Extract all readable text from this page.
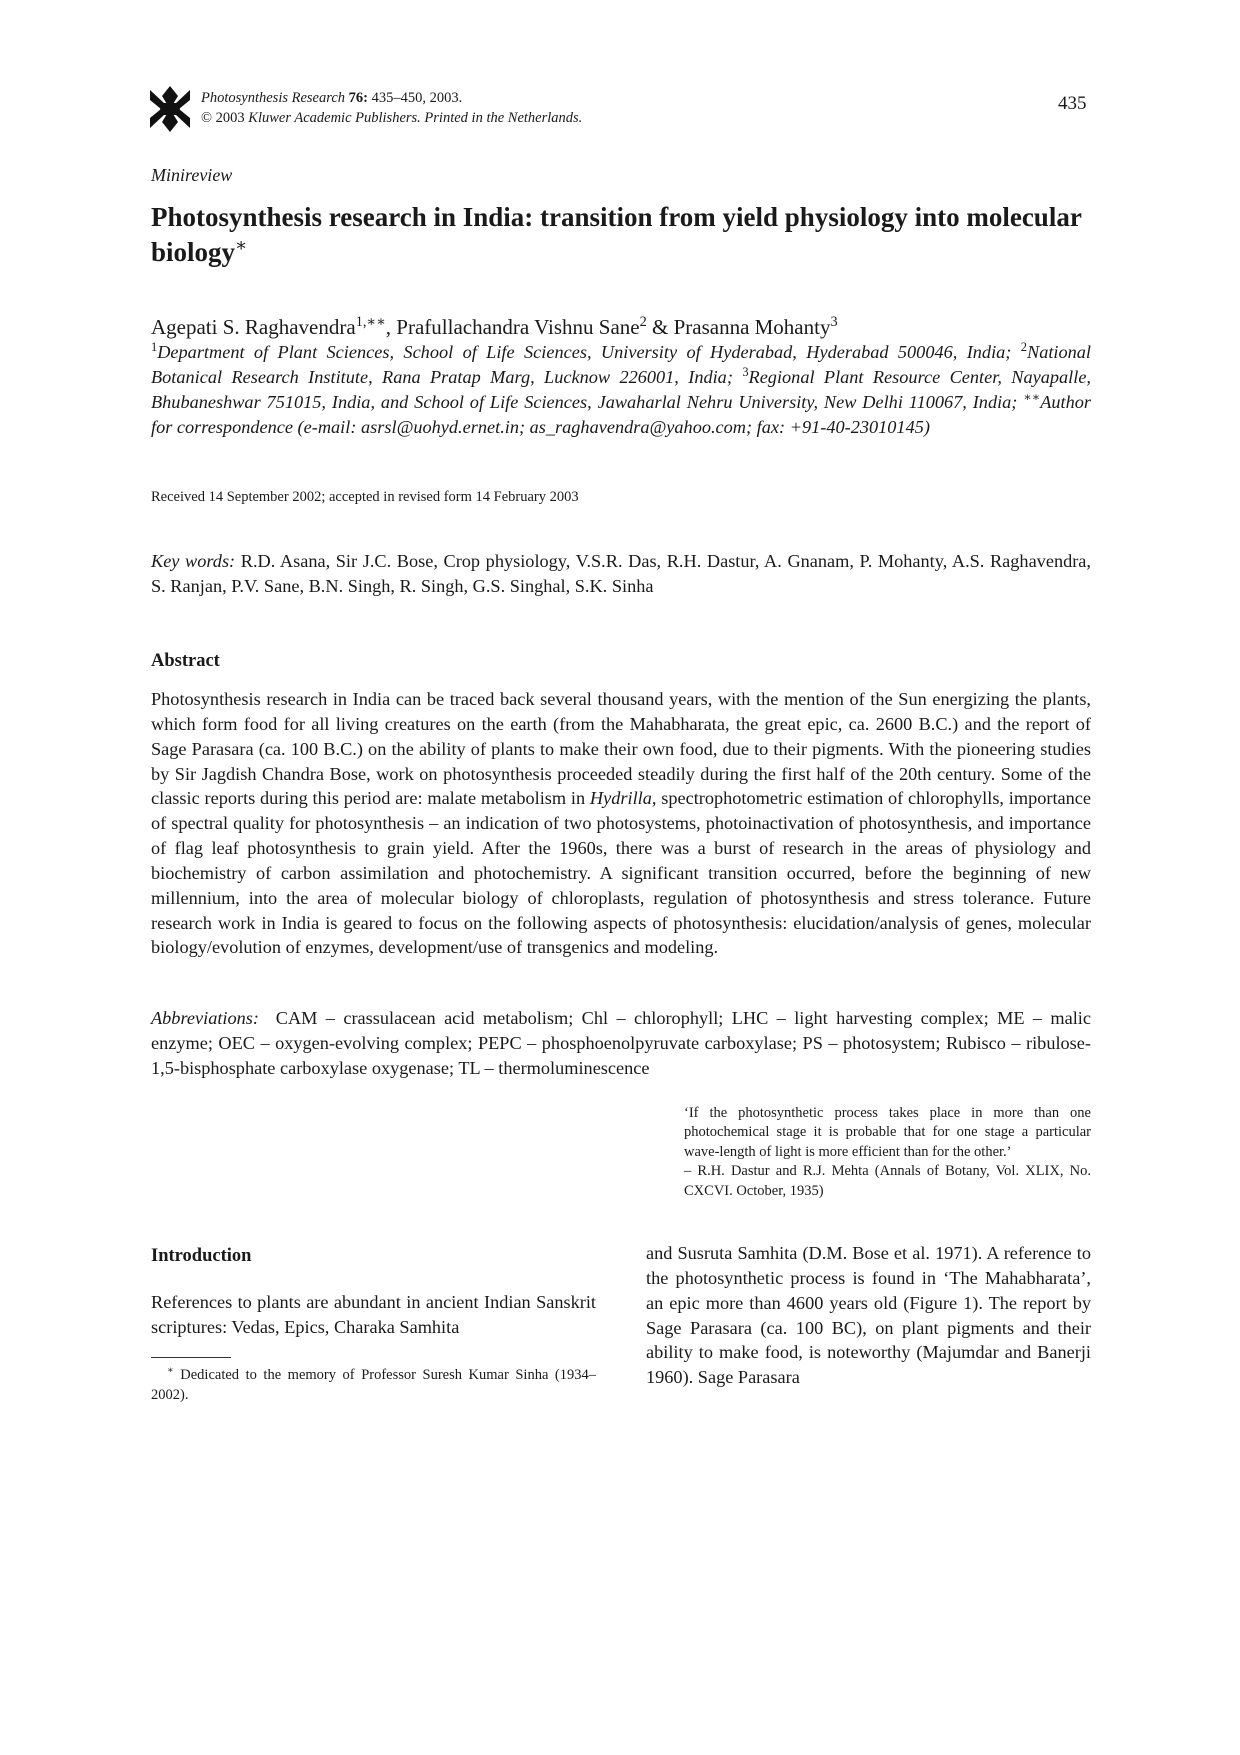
Photosynthesis Research 76: 435–450, 2003.
© 2003 Kluwer Academic Publishers. Printed in the Netherlands.
435
Minireview
Photosynthesis research in India: transition from yield physiology into molecular biology∗
Agepati S. Raghavendra$^{1,∗∗}$, Prafullachandra Vishnu Sane$^2$ & Prasanna Mohanty$^3$
$^1$Department of Plant Sciences, School of Life Sciences, University of Hyderabad, Hyderabad 500046, India; $^2$National Botanical Research Institute, Rana Pratap Marg, Lucknow 226001, India; $^3$Regional Plant Resource Center, Nayapalle, Bhubaneshwar 751015, India, and School of Life Sciences, Jawaharlal Nehru University, New Delhi 110067, India; ∗∗Author for correspondence (e-mail: asrsl@uohyd.ernet.in; as_raghavendra@yahoo.com; fax: +91-40-23010145)
Received 14 September 2002; accepted in revised form 14 February 2003
Key words: R.D. Asana, Sir J.C. Bose, Crop physiology, V.S.R. Das, R.H. Dastur, A. Gnanam, P. Mohanty, A.S. Raghavendra, S. Ranjan, P.V. Sane, B.N. Singh, R. Singh, G.S. Singhal, S.K. Sinha
Abstract
Photosynthesis research in India can be traced back several thousand years, with the mention of the Sun energizing the plants, which form food for all living creatures on the earth (from the Mahabharata, the great epic, ca. 2600 B.C.) and the report of Sage Parasara (ca. 100 B.C.) on the ability of plants to make their own food, due to their pigments. With the pioneering studies by Sir Jagdish Chandra Bose, work on photosynthesis proceeded steadily during the first half of the 20th century. Some of the classic reports during this period are: malate metabolism in Hydrilla, spectrophotometric estimation of chlorophylls, importance of spectral quality for photosynthesis – an indication of two photosystems, photoinactivation of photosynthesis, and importance of flag leaf photosynthesis to grain yield. After the 1960s, there was a burst of research in the areas of physiology and biochemistry of carbon assimilation and photochemistry. A significant transition occurred, before the beginning of new millennium, into the area of molecular biology of chloroplasts, regulation of photosynthesis and stress tolerance. Future research work in India is geared to focus on the following aspects of photosynthesis: elucidation/analysis of genes, molecular biology/evolution of enzymes, development/use of transgenics and modeling.
Abbreviations: CAM – crassulacean acid metabolism; Chl – chlorophyll; LHC – light harvesting complex; ME – malic enzyme; OEC – oxygen-evolving complex; PEPC – phosphoenolpyruvate carboxylase; PS – photosystem; Rubisco – ribulose-1,5-bisphosphate carboxylase oxygenase; TL – thermoluminescence
‘If the photosynthetic process takes place in more than one photochemical stage it is probable that for one stage a particular wave-length of light is more efficient than for the other.’
– R.H. Dastur and R.J. Mehta (Annals of Botany, Vol. XLIX, No. CXCVI. October, 1935)
Introduction
References to plants are abundant in ancient Indian Sanskrit scriptures: Vedas, Epics, Charaka Samhita
∗ Dedicated to the memory of Professor Suresh Kumar Sinha (1934–2002).
and Susruta Samhita (D.M. Bose et al. 1971). A reference to the photosynthetic process is found in ‘The Mahabharata’, an epic more than 4600 years old (Figure 1). The report by Sage Parasara (ca. 100 BC), on plant pigments and their ability to make food, is noteworthy (Majumdar and Banerji 1960). Sage Parasara
